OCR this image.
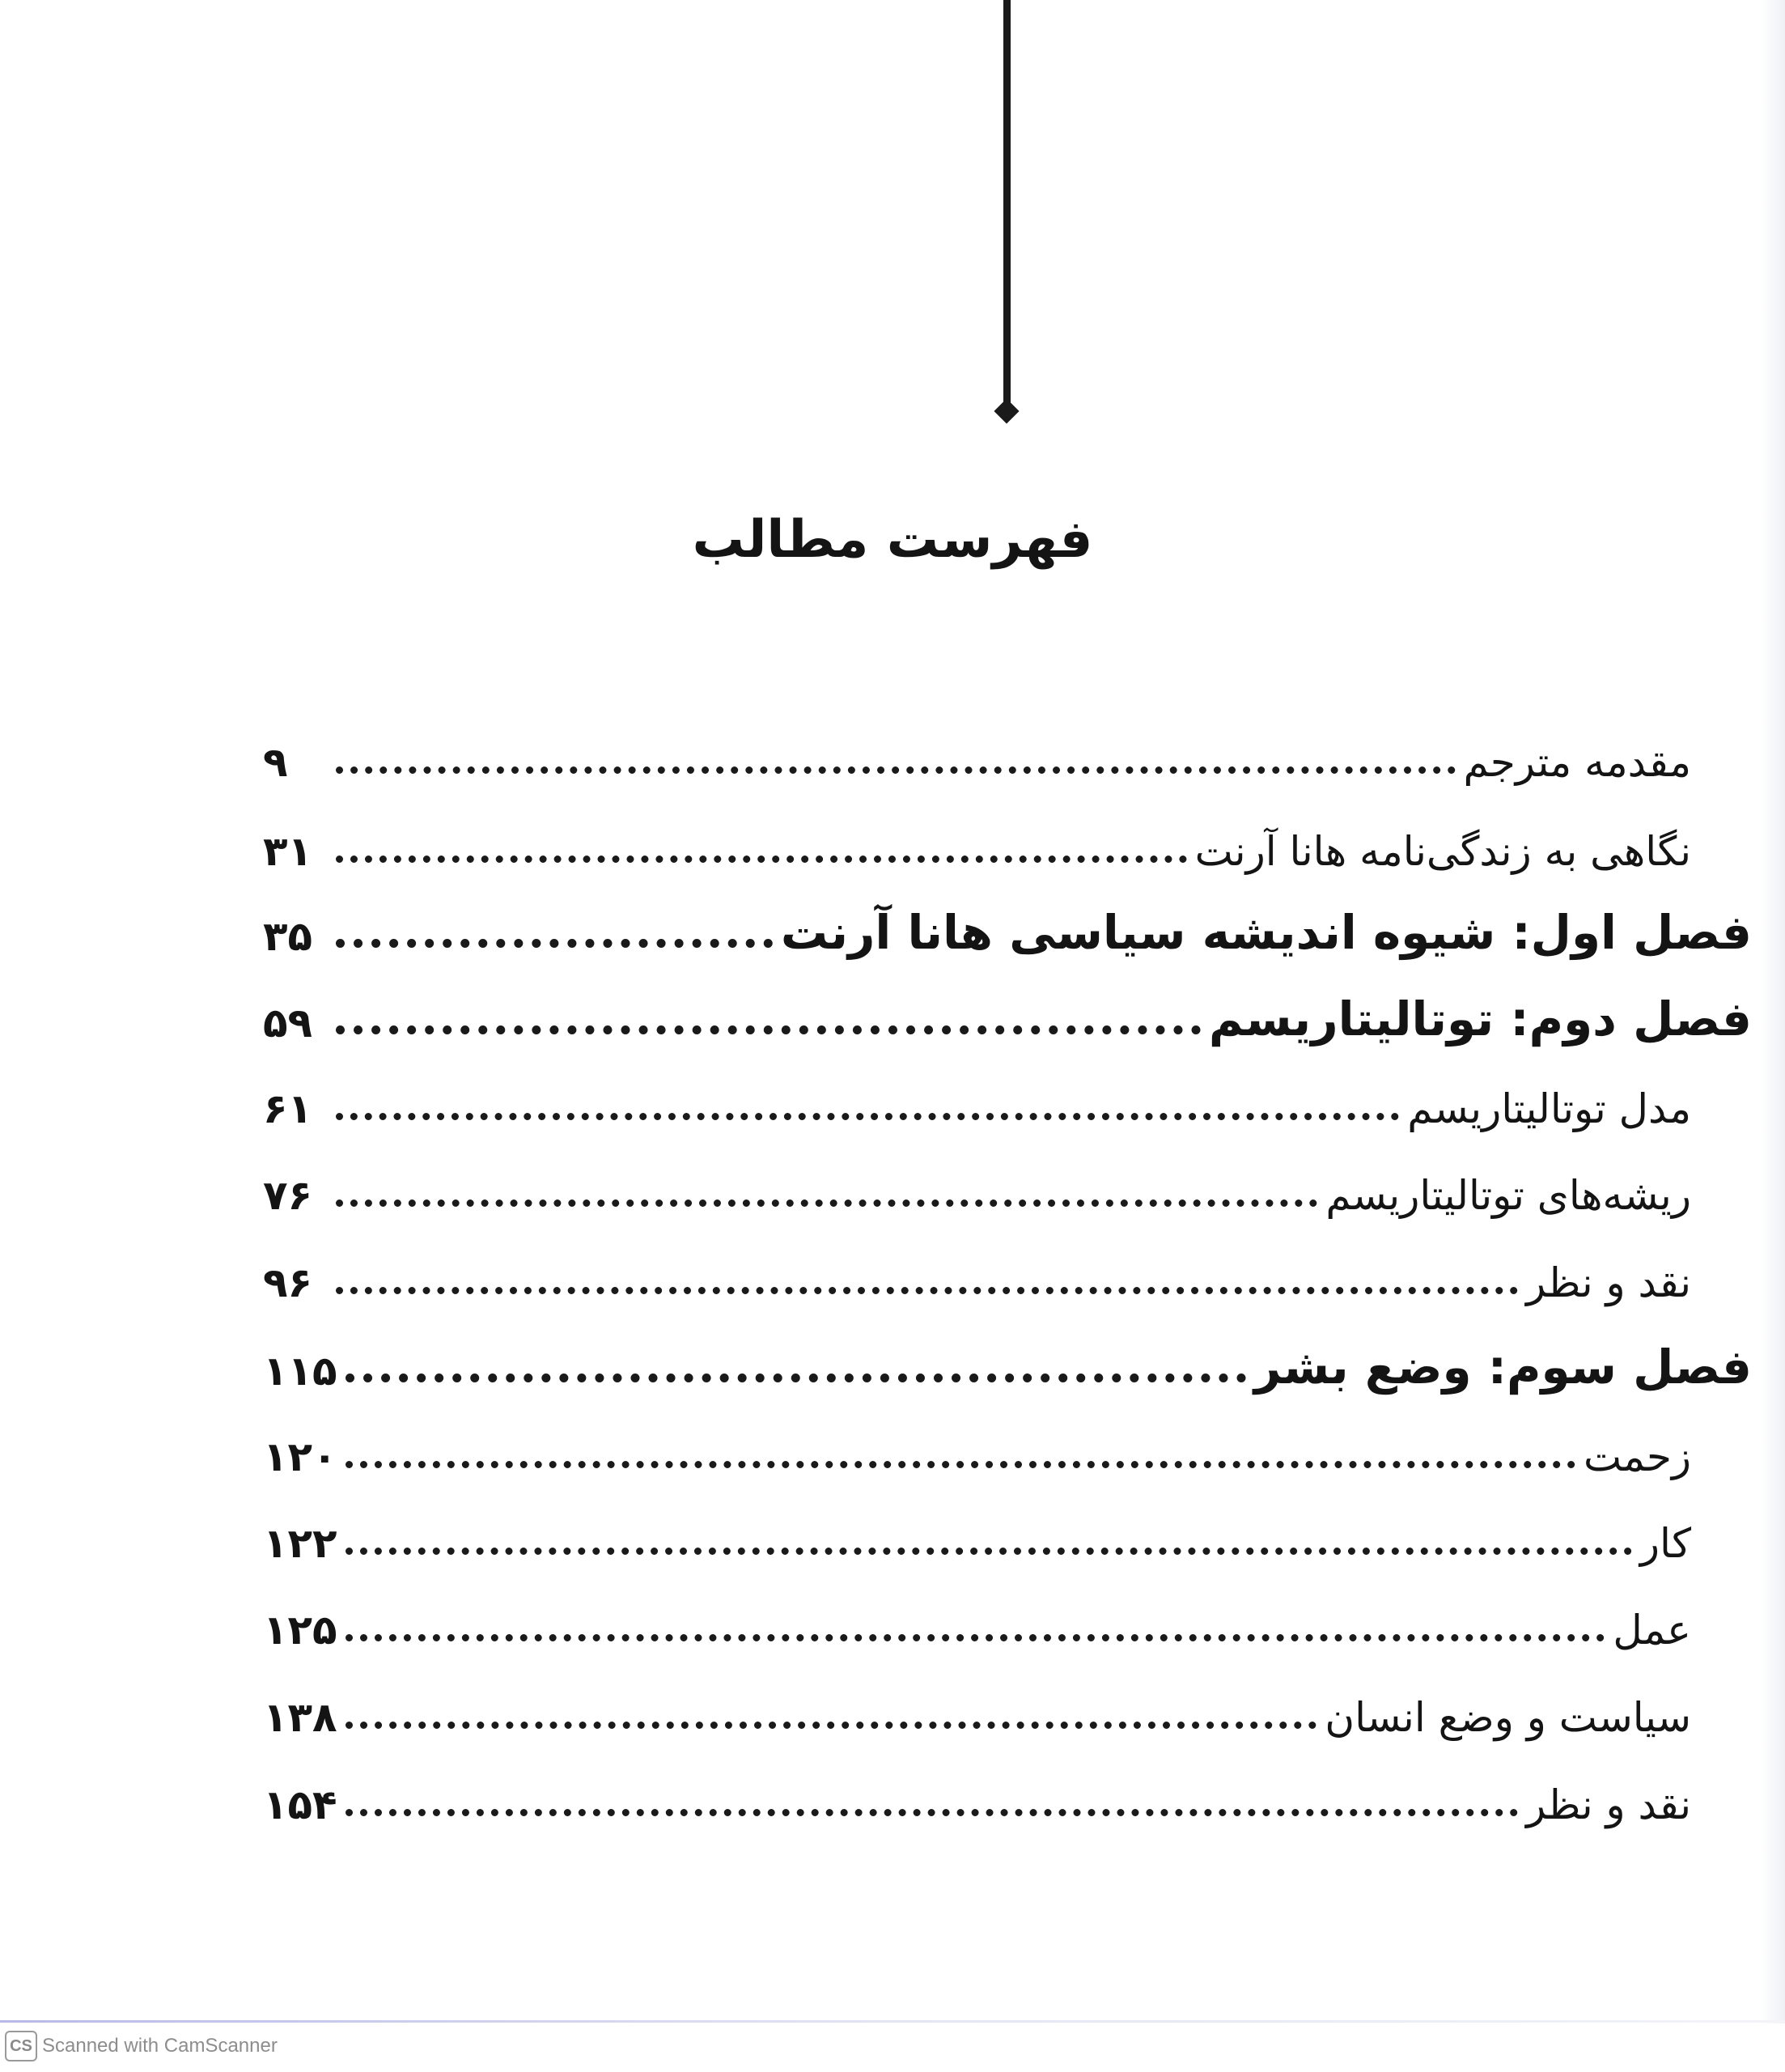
فهرست مطالب
مقدمه مترجم
۹
نگاهی به زندگی‌نامه هانا آرنت
۳۱
فصل اول: شیوه اندیشه سیاسی هانا آرنت
۳۵
فصل دوم: توتالیتاریسم
۵۹
مدل توتالیتاریسم
۶۱
ریشه‌های توتالیتاریسم
۷۶
نقد و نظر
۹۶
فصل سوم: وضع بشر
۱۱۵
زحمت
۱۲۰
کار
۱۲۲
عمل
۱۲۵
سیاست و وضع انسان
۱۳۸
نقد و نظر
۱۵۴
CS Scanned with CamScanner
